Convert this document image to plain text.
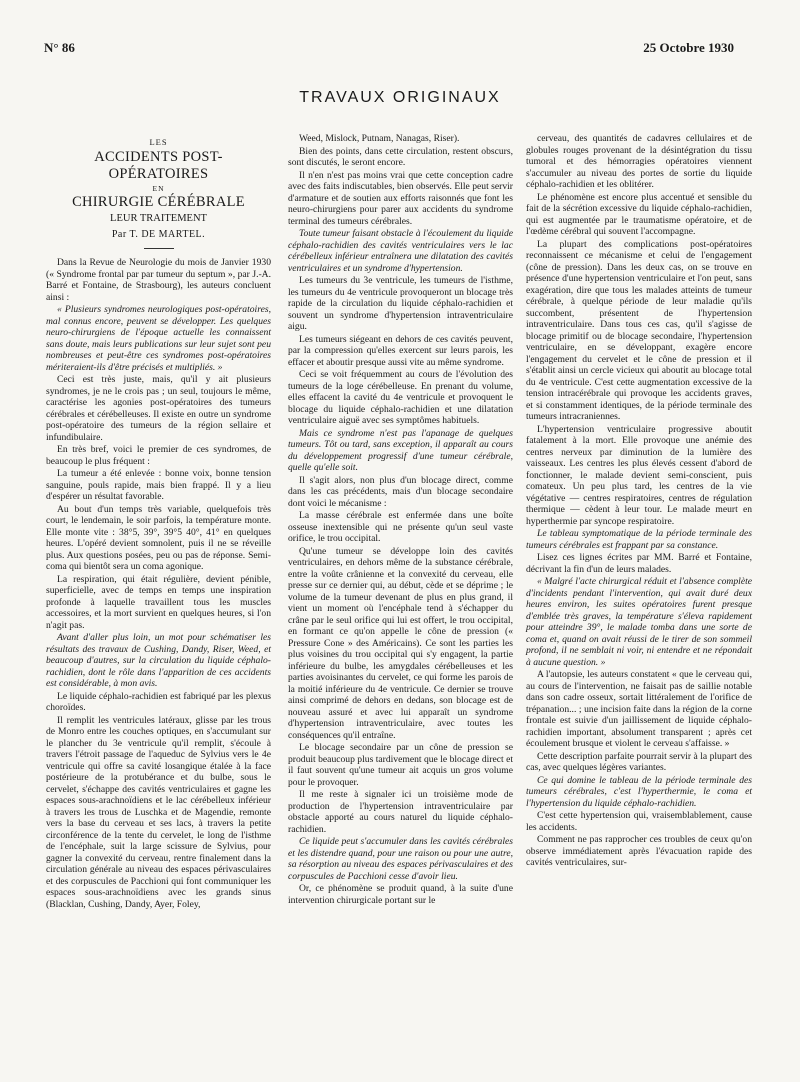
N° 86	25 Octobre 1930
TRAVAUX ORIGINAUX
LES
ACCIDENTS POST-OPÉRATOIRES
EN
CHIRURGIE CÉRÉBRALE
LEUR TRAITEMENT
Par T. DE MARTEL.

Dans la Revue de Neurologie du mois de Janvier 1930 (« Syndrome frontal par par tumeur du septum », par J.-A. Barré et Fontaine, de Strasbourg), les auteurs concluent ainsi :

« Plusieurs syndromes neurologiques post-opératoires, mal connus encore, peuvent se développer. Les quelques neuro-chirurgiens de l'époque actuelle les connaissent sans doute, mais leurs publications sur leur sujet sont peu nombreuses et peut-être ces syndromes post-opératoires mériteraient-ils d'être précisés et multipliés. »

Ceci est très juste, mais, qu'il y ait plusieurs syndromes, je ne le crois pas ; un seul, toujours le même, caractérise les agonies post-opératoires des tumeurs cérébrales et cérébelleuses. Il existe en outre un syndrome post-opératoire des tumeurs de la région sellaire et infundibulaire.

En très bref, voici le premier de ces syndromes, de beaucoup le plus fréquent :

La tumeur a été enlevée : bonne voix, bonne tension sanguine, pouls rapide, mais bien frappé. Il y a lieu d'espérer un résultat favorable.

Au bout d'un temps très variable, quelquefois très court, le lendemain, le soir parfois, la température monte. Elle monte vite : 38°5, 39°, 39°5 40°, 41° en quelques heures. L'opéré devient somnolent, puis il ne se réveille plus. Aux questions posées, peu ou pas de réponse. Semi-coma qui bientôt sera un coma agonique.

La respiration, qui était régulière, devient pénible, superficielle, avec de temps en temps une inspiration profonde à laquelle travaillent tous les muscles accessoires, et la mort survient en quelques heures, si l'on n'agit pas.

Avant d'aller plus loin, un mot pour schématiser les résultats des travaux de Cushing, Dandy, Riser, Weed, et beaucoup d'autres, sur la circulation du liquide céphalo-rachidien, dont le rôle dans l'apparition de ces accidents est considérable, à mon avis.

Le liquide céphalo-rachidien est fabriqué par les plexus choroïdes.

Il remplit les ventricules latéraux, glisse par les trous de Monro entre les couches optiques, en s'accumulant sur le plancher du 3e ventricule qu'il remplit, s'écoule à travers l'étroit passage de l'aqueduc de Sylvius vers le 4e ventricule qui offre sa cavité losangique étalée à la face postérieure de la protubérance et du bulbe, sous le cervelet, s'échappe des cavités ventriculaires et gagne les espaces sous-arachnoïdiens et le lac cérébelleux inférieur à travers les trous de Luschka et de Magendie, remonte vers la base du cerveau et ses lacs, à travers la petite circonférence de la tente du cervelet, le long de l'isthme de l'encéphale, suit la large scissure de Sylvius, pour gagner la convexité du cerveau, rentre finalement dans la circulation générale au niveau des espaces périvasculaires et des corpuscules de Pacchioni qui font communiquer les espaces sous-arachnoïdiens avec les grands sinus (Blacklan, Cushing, Dandy, Ayer, Foley,

Weed, Mislock, Putnam, Nanagas, Riser).

Bien des points, dans cette circulation, restent obscurs, sont discutés, le seront encore.

Il n'en n'est pas moins vrai que cette conception cadre avec des faits indiscutables, bien observés. Elle peut servir d'armature et de soutien aux efforts raisonnés que font les neuro-chirurgiens pour parer aux accidents du syndrome terminal des tumeurs cérébrales.

Toute tumeur faisant obstacle à l'écoulement du liquide céphalo-rachidien des cavités ventriculaires vers le lac cérébelleux inférieur entraînera une dilatation des cavités ventriculaires et un syndrome d'hypertension.

Les tumeurs du 3e ventricule, les tumeurs de l'isthme, les tumeurs du 4e ventricule provoqueront un blocage très rapide de la circulation du liquide céphalo-rachidien et souvent un syndrome d'hypertension intraventriculaire aigu.

Les tumeurs siégeant en dehors de ces cavités peuvent, par la compression qu'elles exercent sur leurs parois, les effacer et aboutir presque aussi vite au même syndrome.

Ceci se voit fréquemment au cours de l'évolution des tumeurs de la loge cérébelleuse. En prenant du volume, elles effacent la cavité du 4e ventricule et provoquent le blocage du liquide céphalo-rachidien et une dilatation ventriculaire aiguë avec ses symptômes habituels.

Mais ce syndrome n'est pas l'apanage de quelques tumeurs. Tôt ou tard, sans exception, il apparaît au cours du développement progressif d'une tumeur cérébrale, quelle qu'elle soit.

Il s'agit alors, non plus d'un blocage direct, comme dans les cas précédents, mais d'un blocage secondaire dont voici le mécanisme :

La masse cérébrale est enfermée dans une boîte osseuse inextensible qui ne présente qu'un seul vaste orifice, le trou occipital.

Qu'une tumeur se développe loin des cavités ventriculaires, en dehors même de la substance cérébrale, entre la voûte crânienne et la convexité du cerveau, elle presse sur ce dernier qui, au début, cède et se déprime ; le volume de la tumeur devenant de plus en plus grand, il vient un moment où l'encéphale tend à s'échapper du crâne par le seul orifice qui lui est offert, le trou occipital, en formant ce qu'on appelle le cône de pression (« Pressure Cone » des Américains). Ce sont les parties les plus voisines du trou occipital qui s'y engagent, la partie inférieure du bulbe, les amygdales cérébelleuses et les parties avoisinantes du cervelet, ce qui forme les parois de la moitié inférieure du 4e ventricule. Ce dernier se trouve ainsi comprimé de dehors en dedans, son blocage est de nouveau assuré et avec lui apparaît un syndrome d'hypertension intraventriculaire, avec toutes les conséquences qu'il entraîne.

Le blocage secondaire par un cône de pression se produit beaucoup plus tardivement que le blocage direct et il faut souvent qu'une tumeur ait acquis un gros volume pour le provoquer.

Il me reste à signaler ici un troisième mode de production de l'hypertension intraventriculaire par obstacle apporté au cours naturel du liquide céphalo-rachidien.

Ce liquide peut s'accumuler dans les cavités cérébrales et les distendre quand, pour une raison ou pour une autre, sa résorption au niveau des espaces périvasculaires et des corpuscules de Pacchioni cesse d'avoir lieu.

Or, ce phénomène se produit quand, à la suite d'une intervention chirurgicale portant sur le

cerveau, des quantités de cadavres cellulaires et de globules rouges provenant de la désintégration du tissu tumoral et des hémorragies opératoires viennent s'accumuler au niveau des portes de sortie du liquide céphalo-rachidien et les oblitérer.

Le phénomène est encore plus accentué et sensible du fait de la sécrétion excessive du liquide céphalo-rachidien, qui est augmentée par le traumatisme opératoire, et de l'œdème cérébral qui souvent l'accompagne.

La plupart des complications post-opératoires reconnaissent ce mécanisme et celui de l'engagement (cône de pression). Dans les deux cas, on se trouve en présence d'une hypertension ventriculaire et l'on peut, sans exagération, dire que tous les malades atteints de tumeur cérébrale, à quelque période de leur maladie qu'ils succombent, présentent de l'hypertension intraventriculaire. Dans tous ces cas, qu'il s'agisse de blocage primitif ou de blocage secondaire, l'hypertension ventriculaire, en se développant, exagère encore l'engagement du cervelet et le cône de pression et il s'établit ainsi un cercle vicieux qui aboutit au blocage total du 4e ventricule. C'est cette augmentation excessive de la tension intracérébrale qui provoque les accidents graves, et si constamment identiques, de la période terminale des tumeurs intracraniennes.

L'hypertension ventriculaire progressive aboutit fatalement à la mort. Elle provoque une anémie des centres nerveux par diminution de la lumière des vaisseaux. Les centres les plus élevés cessent d'abord de fonctionner, le malade devient semi-conscient, puis comateux. Un peu plus tard, les centres de la vie végétative — centres respiratoires, centres de régulation thermique — cèdent à leur tour. Le malade meurt en hyperthermie par syncope respiratoire.

Le tableau symptomatique de la période terminale des tumeurs cérébrales est frappant par sa constance.

Lisez ces lignes écrites par MM. Barré et Fontaine, décrivant la fin d'un de leurs malades.

« Malgré l'acte chirurgical réduit et l'absence complète d'incidents pendant l'intervention, qui avait duré deux heures environ, les suites opératoires furent presque d'emblée très graves, la température s'éleva rapidement pour atteindre 39°, le malade tomba dans une sorte de coma et, quand on avait réussi de le tirer de son sommeil profond, il ne semblait ni voir, ni entendre et ne répondait à aucune question. »

A l'autopsie, les auteurs constatent « que le cerveau qui, au cours de l'intervention, ne faisait pas de saillie notable dans son cadre osseux, sortait littéralement de l'orifice de trépanation... ; une incision faite dans la région de la corne frontale est suivie d'un jaillissement de liquide céphalo-rachidien important, absolument transparent ; après cet écoulement brusque et violent le cerveau s'affaisse. »

Cette description parfaite pourrait servir à la plupart des cas, avec quelques légères variantes.

Ce qui domine le tableau de la période terminale des tumeurs cérébrales, c'est l'hyperthermie, le coma et l'hypertension du liquide céphalo-rachidien.

C'est cette hypertension qui, vraisemblablement, cause les accidents.

Comment ne pas rapprocher ces troubles de ceux qu'on observe immédiatement après l'évacuation rapide des cavités ventriculaires, sur-
